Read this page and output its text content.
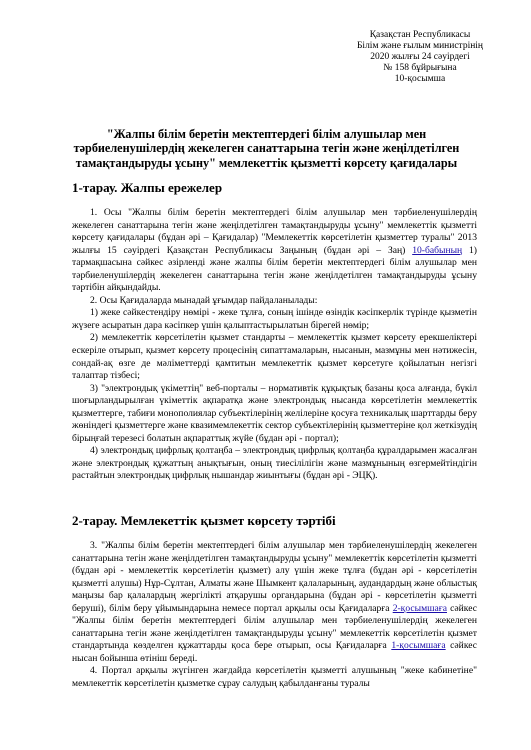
Қазақстан Республикасы
Білім және ғылым министрінің
2020 жылғы 24 сәуірдегі
№ 158 бұйрығына
10-қосымша
"Жалпы білім беретін мектептердегі білім алушылар мен тәрбиеленушілердің жекелеген санаттарына тегін және жеңілдетілген тамақтандыруды ұсыну" мемлекеттік қызметті көрсету қағидалары
1-тарау. Жалпы ережелер

1. Осы "Жалпы білім беретін мектептердегі білім алушылар мен тәрбиеленушілердің жекелеген санаттарына тегін және жеңілдетілген тамақтандыруды ұсыну" мемлекеттік қызметті көрсету қағидалары (бұдан әрі – Қағидалар) "Мемлекеттік көрсетілетін қызметтер туралы" 2013 жылғы 15 сәуірдегі Қазақстан Республикасы Заңының (бұдан әрі – Заң) 10-бабының 1) тармақшасына сәйкес әзірленді және жалпы білім беретін мектептердегі білім алушылар мен тәрбиеленушілердің жекелеген санаттарына тегін және жеңілдетілген тамақтандыруды ұсыну тәртібін айқындайды.

2. Осы Қағидаларда мынадай ұғымдар пайдаланылады:

1) жеке сәйкестендіру нөмірі - жеке тұлға, соның ішінде өзіндік кәсіпкерлік түрінде қызметін жүзеге асыратын дара кәсіпкер үшін қалыптастырылатын бірегей нөмір;

2) мемлекеттік көрсетілетін қызмет стандарты – мемлекеттік қызмет көрсету ерекшеліктері ескеріле отырып, қызмет көрсету процесінің сипаттамаларын, нысанын, мазмұны мен нәтижесін, сондай-ақ өзге де мәліметтерді қамтитын мемлекеттік қызмет көрсетуге қойылатын негізгі талаптар тізбесі;

3) "электрондық үкіметтің" веб-порталы – нормативтік құқықтық базаны қоса алғанда, бүкіл шоғырландырылған үкіметтік ақпаратқа және электрондық нысанда көрсетілетін мемлекеттік қызметтерге, табиғи монополиялар субъектілерінің желілеріне қосуға техникалық шарттарды беру жөніндегі қызметтерге және квазимемлекеттік сектор субъектілерінің қызметтеріне қол жеткізудің бірыңғай терезесі болатын ақпараттық жүйе (бұдан әрі - портал);

4) электрондық цифрлық қолтаңба – электрондық цифрлық қолтаңба құралдарымен жасалған және электрондық құжаттың анықтығын, оның тиесілілігін және мазмұнының өзгермейтіндігін растайтын электрондық цифрлық нышандар жиынтығы (бұдан әрі - ЭЦҚ).

2-тарау. Мемлекеттік қызмет көрсету тәртібі

3. "Жалпы білім беретін мектептердегі білім алушылар мен тәрбиеленушілердің жекелеген санаттарына тегін және жеңілдетілген тамақтандыруды ұсыну" мемлекеттік көрсетілетін қызметті (бұдан әрі - мемлекеттік көрсетілетін қызмет) алу үшін жеке тұлға (бұдан әрі - көрсетілетін қызметті алушы) Нұр-Сұлтан, Алматы және Шымкент қалаларының, аудандардың және облыстық маңызы бар қалалардың жергілікті атқарушы органдарына (бұдан әрі - көрсетілетін қызметті беруші), білім беру ұйымындарына немесе портал арқылы осы Қағидаларға 2-қосымшаға сәйкес "Жалпы білім беретін мектептердегі білім алушылар мен тәрбиеленушілердің жекелеген санаттарына тегін және жеңілдетілген тамақтандыруды ұсыну" мемлекеттік көрсетілетін қызмет стандартында көзделген құжаттарды қоса бере отырып, осы Қағидаларға 1-қосымшаға сәйкес нысан бойынша өтініш береді.

4. Портал арқылы жүгінген жағдайда көрсетілетін қызметті алушының "жеке кабинетіне" мемлекеттік көрсетілетін қызметке сұрау салудың қабылданғаны туралы
